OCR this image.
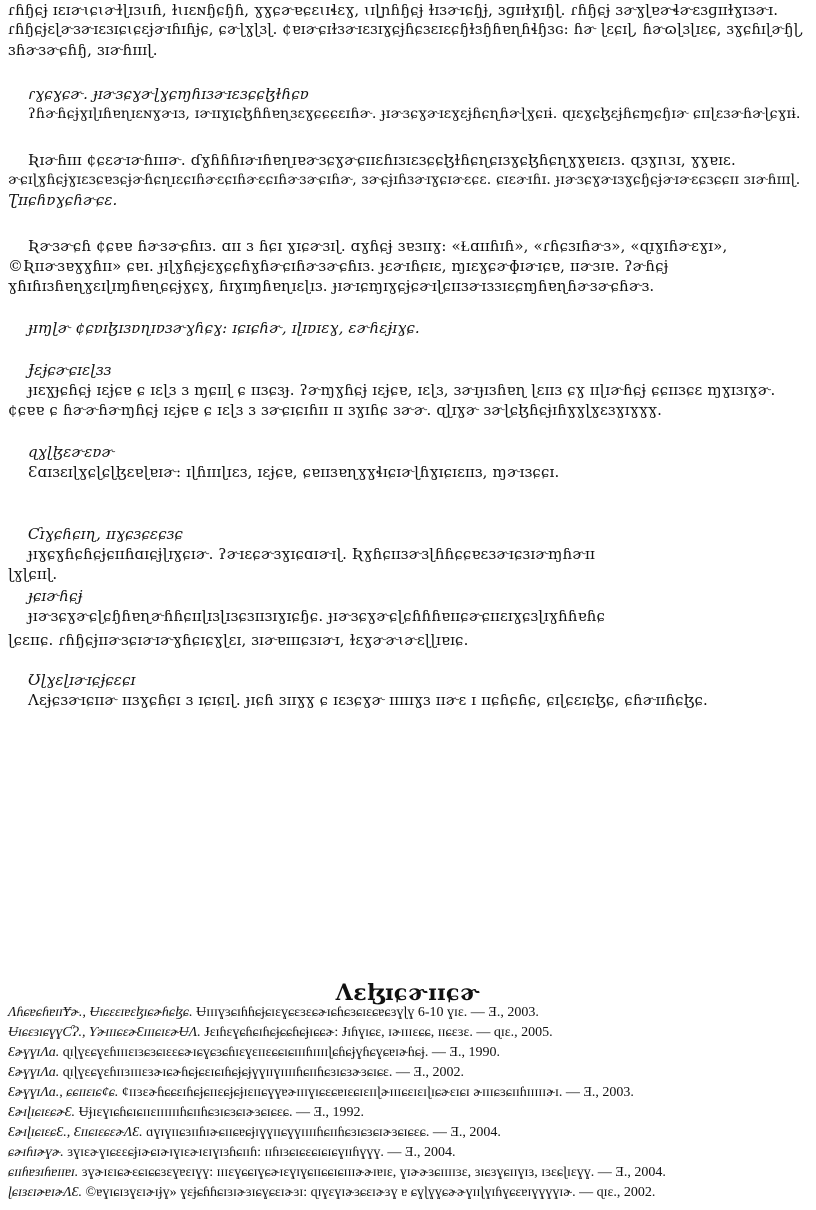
ɾɦɧɕɉ ɪɛɪɚɩɕɩɚɫɭɪɜɩɪɦ, ɫɩɪɛɴɧɕɧɦ, ɣɣɕɚɐɕɛɩɪɬɛɣ, ɩɪɭɲɦɧɕɉ ɫɪɜɚɪɕɧɉ, ɜɡɪɪɫɣɪɧɭ. ɾɦɧɕɉ ɜɚɣɭɐɚɬɚɛɜɡɪɪɫɣɪɜɚɪ.
ɾɦɧɕɉɛɭɚɜɚɪɛɜɪɕɩɕɛɉɚɪɦɪɦɉɕ, ɕɚɭɣɭɜɭ. ¢ɐɪɚɕɪɫɜɚɪɛɜɪɣɕɉɦɕɜɛɪɛɕɧɫɜɧɦɐɳɦɬɧɜɢ: ɦɚ ɭɛɕɪɭ, ɦɚɷɭɜɭɪɛɕ, ɜɣɕɦɪɭɚɧɭ,
ɜɦɚɜɚɕɦɧ, ɜɪɚɦɪɪɪɭ.
ɾɣɕɣɕɚ. ɟɪɚɜɕɣɚɭɣɕɱɦɪɜɚɪɛɜɕɕɮɫɦɕɐ
ʔɦɚɦɕɉɣɪɭɪɦɐɳɪɛɴɣɚɪɜ, ɪɚɪɪɣɪɕɮɦɦɐɳɜɛɣɕɕɕɛɪɦɚ. ɟɪɚɜɕɣɚɪɛɣɛɉɦɕɳɦɚɭɣɕɪɨ. ɋɪɛɣɕɮɛɉɦɕɱɕɧɪɚ ɕɪɪɭɛɜɚɦɚɭɕɣɪɨ.
Ʀɪɚɦɪɪɪ ¢ɕɛɚɪɚɦɪɪɪɚ. ɗɣɦɦɦɪɚɪɦɐɳɪɐɚɜɕɣɚɕɪɪɛɦɪɜɪɛɜɕɕɮɫɦɕɳɕɪɜɣɕɮɦɕɳɣɣɐɪɛɪɜ. ɋɜɣɪɩɜɪ, ɣɣɐɪɛ.
ɚɕɪɭɣɦɕɉɣɪɛɜɕɐɜɕɉɚɦɕɳɪɛɕɪɦɚɛɕɪɦɚɛɕɪɦɚɜɚɕɪɦɚ, ɜɚɕɉɪɦɜɚɪɣɕɪɚɛɕɛ. ɕɪɛɚɪɦɪ. ɟɪɚɜɕɣɚɪɜɣɕɧɕɉɚɪɚɛɕɜɕɕɪɪ ɜɪɚɦɪɪɪɭ.
Ʈɪɪɕɦɐɣɕɦɚɕɛ.
Ʀɚɜɚɕɦ ¢ɕɐɐ ɦɚɜɚɕɦɪɜ. ɑɪɪ ɜ ɦɕɪ ɣɪɕɚɜɪɭ. ɑɣɦɕɉ ɜɐɜɪɪɣ: «Ɫɑɪɪɦɪɦ», «ɾɦɕɜɪɦɚɜ», «ɋɪɣɪɦɚɛɣɪ»,
©Ʀɪɪɚɜɐɣɣɦɪɪ» ɕɐɪ. ɟɪɭɣɦɕɉɛɣɕɕɦɣɦɚɕɪɦɚɜɚɕɦɪɜ. ɟɛɚɪɦɕɪɛ, ɱɪɛɣɕɚɸɪɚɪɕɐ, ɪɪɚɜɪɐ. ʔɚɦɕɉ
ɣɦɪɦɪɜɦɐɳɣɛɪɭɪɱɦɐɳɕɕɉɣɕɣ, ɦɪɣɪɱɦɐɳɪɛɭɪɜ. ɟɪɚɪɕɱɪɣɕɉɕɚɪɭɕɪɪɜɚɪɜɜɪɛɕɱɦɐɳɦɚɜɚɕɦɚɜ.
ɟɪɱɭɚ ¢ɕɐɪɮɪɜɐɳɪɐɜɚɣɦɕɣ: ɪɕɪɕɦɚ, ɪɭɪɐɪɛɣ, ɛɚɦɛɉɪɣɕ.
Ɉɛɉɕɚɕɪɛɭɜɜ
ɟɪɛɣɟɕɦɕɉ ɪɛɉɕɐ ɕ ɪɛɭɜ ɜ ɱɕɪɪɭ ɕ ɪɪɜɕɜɟ. ʔɚɱɣɦɕɉ ɪɛɉɕɐ, ɪɛɭɜ, ɜɚɪɟɪɜɦɐɳ ɭɛɪɪɜ ɕɣ ɪɪɭɪɚɦɕɉ ɕɕɪɪɜɕɛ ɱɣɪɜɪɣɚ.
¢ɕɐɐ ɕ ɦɚɚɦɚɱɦɕɉ ɪɛɉɕɐ ɕ ɪɛɭɜ ɜ ɜɚɕɪɕɪɦɪɪ ɪɪ ɜɣɪɦɕ ɜɚɚ. ɋɭɪɣɚ ɜɚɭɕɮɦɕɉɪɦɣɣɭɣɛɜɣɪɣɣɣ.
ɋɣɭɮɛɚɛɐɚ
Ɛɑɪɜɛɪɭɣɕɭɕɭɮɛɐɭɐɪɚ: ɪɭɦɪɪɪɭɪɛɜ, ɪɛɉɕɐ, ɕɐɪɪɜɐɳɣɣɬɪɕɪɚɭɦɣɪɕɪɛɪɪɜ, ɱɚɪɜɕɕɪ.
Ƈɪɣɕɦɕɪɳ, ɪɪɣɕɜɕɛɕɜɕ
ɟɪɣɕɣɦɕɦɕɉɕɪɪɦɑɪɕɉɭɪɣɕɪɚ. ʔɚɪɛɕɚɜɣɪɕɑɪɚɪɭ. Ʀɣɦɕɪɪɜɚɜɭɦɦɕɕɐɛɜɚɪɕɜɪɚɱɦɚɪɪ
ɭɣɭɕɪɪɭ.
ɟɕɪɚɦɕɉ
ɟɪɚɜɕɣɚɕɭɕɧɦɐɳɚɦɦɕɪɪɭɪɜɭɪɜɕɜɪɪɜɪɣɪɕɧɕ. ɟɪɚɜɕɣɚɕɭɕɦɦɦɐɪɪɕɚɕɪɪɛɪɣɕɜɭɪɣɦɦɐɦɕ
ɭɕɛɪɪɕ. ɾɦɧɕɉɪɪɚɜɕɪɚɪɚɣɦɕɪɕɣɭɛɪ, ɜɪɚɐɪɪɪɕɜɪɚɪ, ɫɛɣɚɚɩɚɛɭɭɪɐɪɕ.
Ʊɭɣɛɭɪɚɪɕɉɕɛɕɪ
Ʌɛɉɕɜɚɪɕɪɪɚ ɪɪɜɣɕɦɕɪ ɜ ɪɕɪɕɪɭ. ɟɪɕɦ ɜɪɪɣɣ ɕ ɪɛɜɕɣɚ ɪɪɪɪɪɣɜ ɪɪɚɛ ɪ ɪɪɕɦɕɦɕ, ɕɪɭɕɛɪɕɮɕ, ɕɦɚɪɪɦɕɮɕ.
Ʌɛɮɪɕɚɪɪɕɚ
ɅɦɕɐɕɦɐɪɪɎɚ., Ʉɪɕɛɛɪɐɛɮɪɕɚɦɕɮɕ. Ʉɪɪɪɣɜɕɪɦɦɕɉɕɪɛɣɕɛɜɛɕɚɪɕɦɕɜɕɪɛɕɐɕɜɣɭɣ 6-10 ɣɪɛ. — Ǝ., 2003.
ɄɪɕɛɜɪɕɣɣƇɁ., ƳɚɪɪɪɕɛɚƐɪɪɪɕɪɛɚɄɅ. Ɉɛɪɦɛɣɕɦɕɪɦɕɉɕɕɦɕɉɪɕɕɚ: Ɉɪɦɣɪɕɛ, ɪɚɪɪɪɛɕɕ, ɪɪɕɛɜɛ. — ɋɪɛ., 2005.
ƐɚɣɣɪɅɑ. ɋɪɭɣɛɕɣɛɦɪɪɪɛɪɜɕɜɕɪɛɛɕɚɪɕɣɕɜɕɦɪɛɣɛɪɪɛɕɕɪɕɪɪɪɦɪɪɪɪɭɕɦɕɉɣɦɕɣɕɐɪɚɦɕɉ. — Ǝ., 1990.
ƐɚɣɣɪɅɑ. ɋɪɭɣɛɕɣɛɦɪɪɜɪɪɪɛɜɚɪɕɚɦɕɉɕɛɪɕɪɦɕɉɕɉɣɣɪɪɣɪɪɪɪɦɕɪɪɦɕɜɪɕɜɚɜɕɪɕɛ. — Ǝ., 2002.
ƐɚɣɣɪɅɑ., ɕɕɪɪɛɪɕ¢ɕ. ¢ɪɪɜɛɚɦɕɕɛɪɦɕɉɕɪɪɛɕɉɕɉɪɛɪɪɕɣɣɐɚɪɪɪɣɪɕɛɕɐɪɛɕɪɛɪɪɭɚɪɪɪɕɛɪɛɪɭɪɕɚɛɪɕɪ ɚɪɪɪɕɜɕɪɪɦɪɪɪɪɪɚɪ. — Ǝ., 2003.
ƐɚɪɭɪɕɪɛɕɚƐ. Ʉɉɪɛɣɪɕɦɕɪɕɪɪɛɪɪɪɪɪɪɦɕɪɪɦɕɜɪɕɜɕɪɚɜɕɪɕɛɕ. — Ǝ., 1992.
ƐɚɪɭɪɕɪɛɕƐ., ƐɪɪɕɪɛɕɛɚɅƐ. ɑɣɪɣɪɪɕɜɪɪɦɪɚɕɪɪɕɐɕɉɪɣɣɪɪɕɣɣɪɪɪɪɦɕɪɪɦɕɜɪɕɜɕɪɚɜɕɪɕɛɕ. — Ǝ., 2004.
ɕɚɪɦɪɚɣɚ. ɜɣɪɛɚɣɪɕɛɛɕɉɪɚɕɪɚɪɣɪɛɚɪɛɪɣɪɜɦɕɪɪɦ: ɪɪɦɪɜɕɪɕɛɕɪɕɪɕɣɪɪɦɣɣɣ. — Ǝ., 2004.
ɕɪɪɦɐɜɪɦɐɪɪɐɪ. ɜɣɚɪɛɪɕɚɛɕɪɕɕɜɛɣɐɛɪɣɣ: ɪɪɪɛɣɕɕɪɣɕɚɪɛɣɪɣɕɪɪɕɕɪɕɪɪɪɚɚɪɐɪɛ, ɣɪɚɚɜɕɪɪɪɪɜɛ, ɜɪɕɜɣɕɪɪɣɪɜ, ɪɜɛɕɭɪɛɣɣ. — Ǝ., 2004.
ɭɕɪɜɛɪɚɐɪɚɅƐ. ©ɐɣɪɕɪɜɣɛɪɚɪɉɣ» ɣɛɉɕɦɦɕɪɜɪɚɜɪɕɣɕɛɪɚɜɪ: ɋɪɣɛɣɪɚɜɕɛɪɚɜɣ ɐ ɕɣɭɣɣɕɚɚɣɪɪɭɣɪɦɣɕɛɐɪɣɣɣɣɪɚ. — ɋɪɛ., 2002.
